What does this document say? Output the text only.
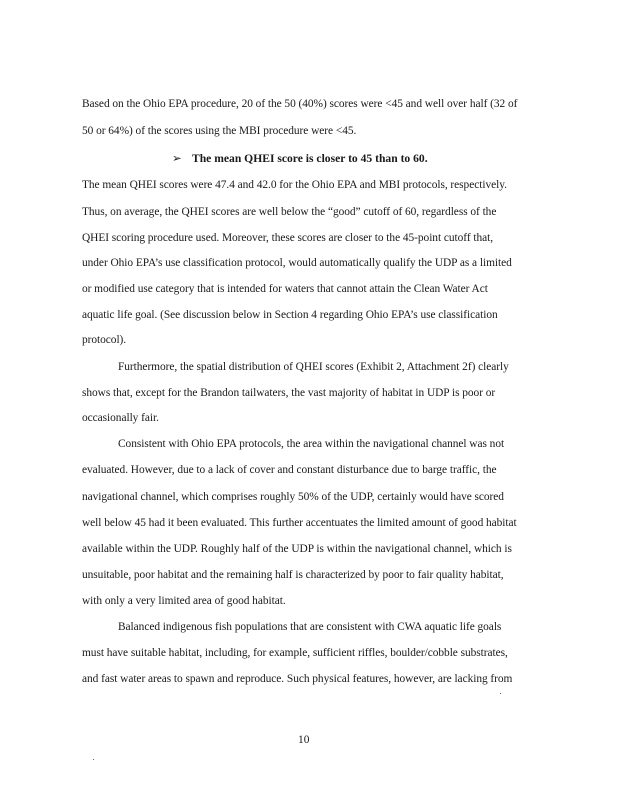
Based on the Ohio EPA procedure, 20 of the 50 (40%) scores were <45 and well over half (32 of
50 or 64%) of the scores using the MBI procedure were <45.
➢ The mean QHEI score is closer to 45 than to 60.
The mean QHEI scores were 47.4 and 42.0 for the Ohio EPA and MBI protocols, respectively.
Thus, on average, the QHEI scores are well below the “good” cutoff of 60, regardless of the
QHEI scoring procedure used. Moreover, these scores are closer to the 45-point cutoff that,
under Ohio EPA’s use classification protocol, would automatically qualify the UDP as a limited
or modified use category that is intended for waters that cannot attain the Clean Water Act
aquatic life goal. (See discussion below in Section 4 regarding Ohio EPA’s use classification
protocol).
Furthermore, the spatial distribution of QHEI scores (Exhibit 2, Attachment 2f) clearly
shows that, except for the Brandon tailwaters, the vast majority of habitat in UDP is poor or
occasionally fair.
Consistent with Ohio EPA protocols, the area within the navigational channel was not
evaluated. However, due to a lack of cover and constant disturbance due to barge traffic, the
navigational channel, which comprises roughly 50% of the UDP, certainly would have scored
well below 45 had it been evaluated. This further accentuates the limited amount of good habitat
available within the UDP. Roughly half of the UDP is within the navigational channel, which is
unsuitable, poor habitat and the remaining half is characterized by poor to fair quality habitat,
with only a very limited area of good habitat.
Balanced indigenous fish populations that are consistent with CWA aquatic life goals
must have suitable habitat, including, for example, sufficient riffles, boulder/cobble substrates,
and fast water areas to spawn and reproduce. Such physical features, however, are lacking from
10
